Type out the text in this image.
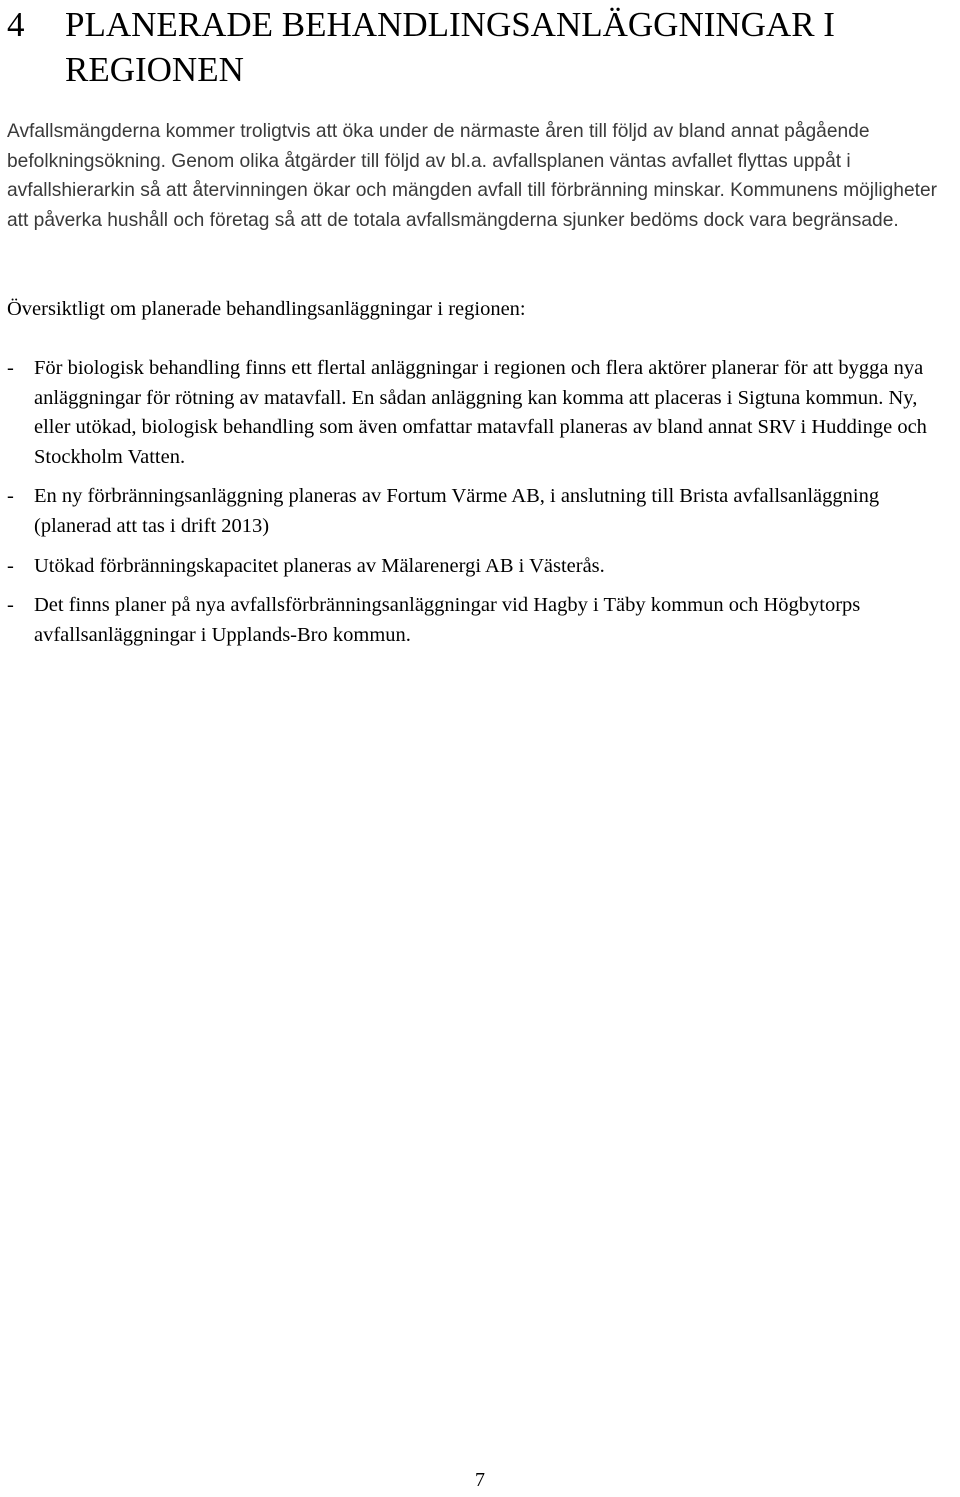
4	PLANERADE BEHANDLINGSANLÄGGNINGAR I REGIONEN

Avfallsmängderna kommer troligtvis att öka under de närmaste åren till följd av bland annat pågående befolkningsökning. Genom olika åtgärder till följd av bl.a. avfallsplanen väntas avfallet flyttas uppåt i avfallshierarkin så att återvinningen ökar och mängden avfall till förbränning minskar. Kommunens möjligheter att påverka hushåll och företag så att de totala avfallsmängderna sjunker bedöms dock vara begränsade.

Översiktligt om planerade behandlingsanläggningar i regionen:

- För biologisk behandling finns ett flertal anläggningar i regionen och flera aktörer planerar för att bygga nya anläggningar för rötning av matavfall. En sådan anläggning kan komma att placeras i Sigtuna kommun. Ny, eller utökad, biologisk behandling som även omfattar matavfall planeras av bland annat SRV i Huddinge och Stockholm Vatten.
- En ny förbränningsanläggning planeras av Fortum Värme AB, i anslutning till Brista avfallsanläggning (planerad att tas i drift 2013)
- Utökad förbränningskapacitet planeras av Mälarenergi AB i Västerås.
- Det finns planer på nya avfallsförbränningsanläggningar vid Hagby i Täby kommun och Högbytorps avfallsanläggningar i Upplands-Bro kommun.
7
